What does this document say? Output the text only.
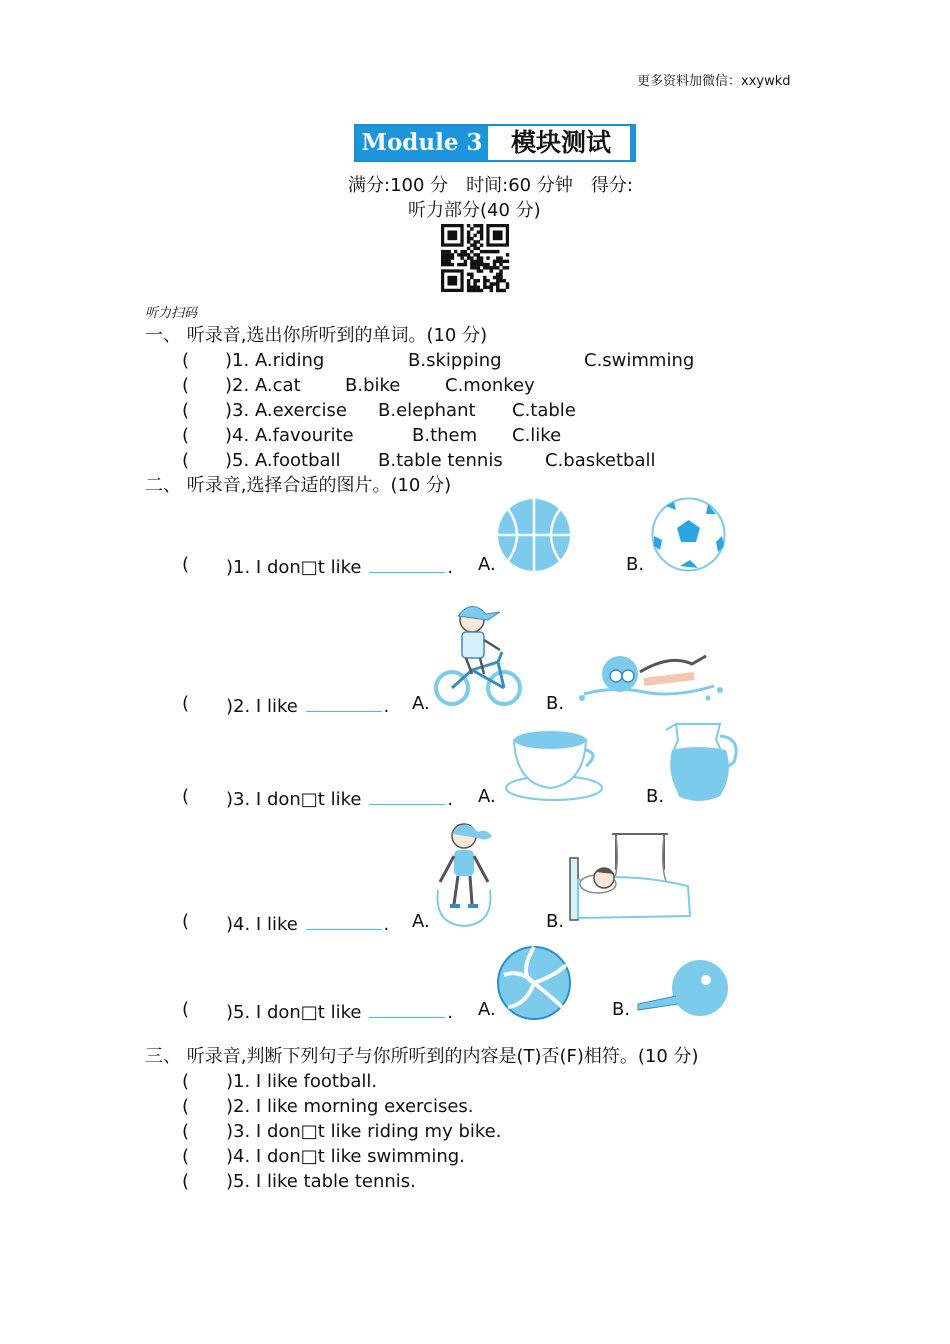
更多资料加微信：xxywkd
Module 3	模块测试
满分:100 分　时间:60 分钟　得分:
听力部分(40 分)
听力扫码
一、 听录音,选出你所听到的单词。(10 分)
(　　)1. A.riding	B.skipping	C.swimming
(　　)2. A.cat B.bike C.monkey
(　　)3. A.exercise B.elephant C.table
(　　)4. A.favourite	B.them C.like
(　　)5. A.football B.table tennis C.basketball
二、 听录音,选择合适的图片。(10 分)
( )1. I don□t like	. A.	B.
( )2. I like	. A.	B.
( )3. I don□t like	. A.	B.
( )4. I like	. A.	B.
( )5. I don□t like	. A.	B.
三、 听录音,判断下列句子与你所听到的内容是(T)否(F)相符。(10 分)
( )1. I like football.
( )2. I like morning exercises.
( )3. I don□t like riding my bike.
( )4. I don□t like swimming.
( )5. I like table tennis.
